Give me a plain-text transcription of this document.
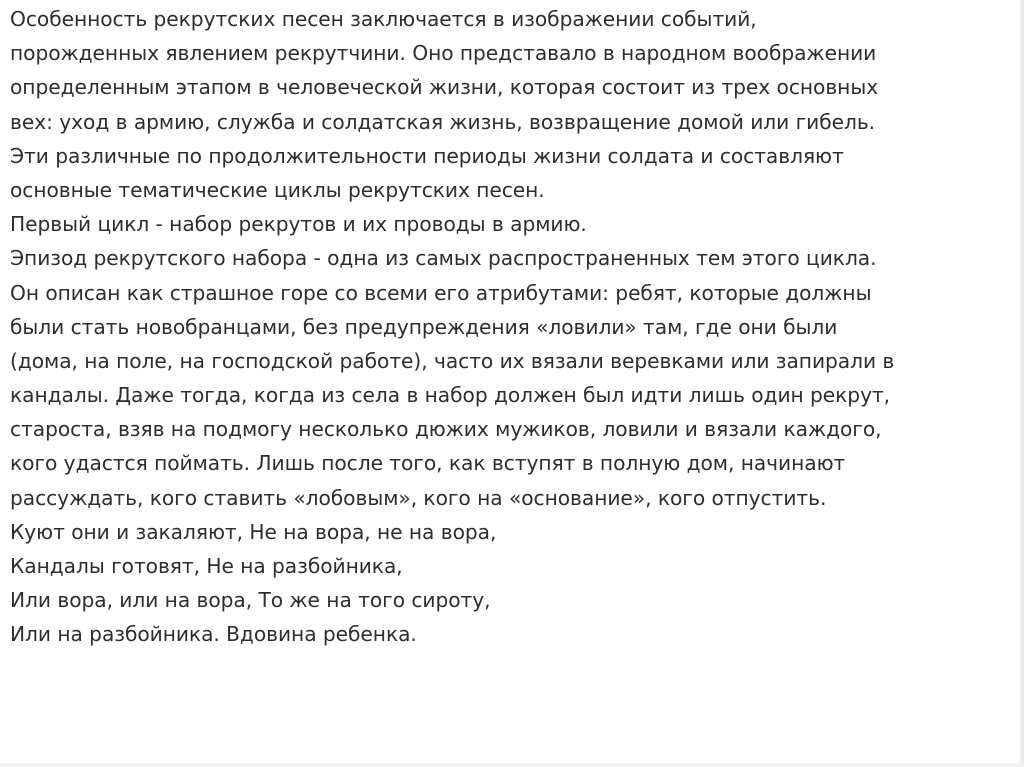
Особенность рекрутских песен заключается в изображении событий,
порожденных явлением рекрутчини. Оно представало в народном воображении
определенным этапом в человеческой жизни, которая состоит из трех основных
вех: уход в армию, служба и солдатская жизнь, возвращение домой или гибель.
Эти различные по продолжительности периоды жизни солдата и составляют
основные тематические циклы рекрутских песен.
Первый цикл - набор рекрутов и их проводы в армию.
Эпизод рекрутского набора - одна из самых распространенных тем этого цикла.
Он описан как страшное горе со всеми его атрибутами: ребят, которые должны
были стать новобранцами, без предупреждения «ловили» там, где они были
(дома, на поле, на господской работе), часто их вязали веревками или запирали в
кандалы. Даже тогда, когда из села в набор должен был идти лишь один рекрут,
староста, взяв на подмогу несколько дюжих мужиков, ловили и вязали каждого,
кого удастся поймать. Лишь после того, как вступят в полную дом, начинают
рассуждать, кого ставить «лобовым», кого на «основание», кого отпустить.
Куют они и закаляют, Не на вора, не на вора,
Кандалы готовят, Не на разбойника,
Или вора, или на вора, То же на того сироту,
Или на разбойника. Вдовина ребенка.
